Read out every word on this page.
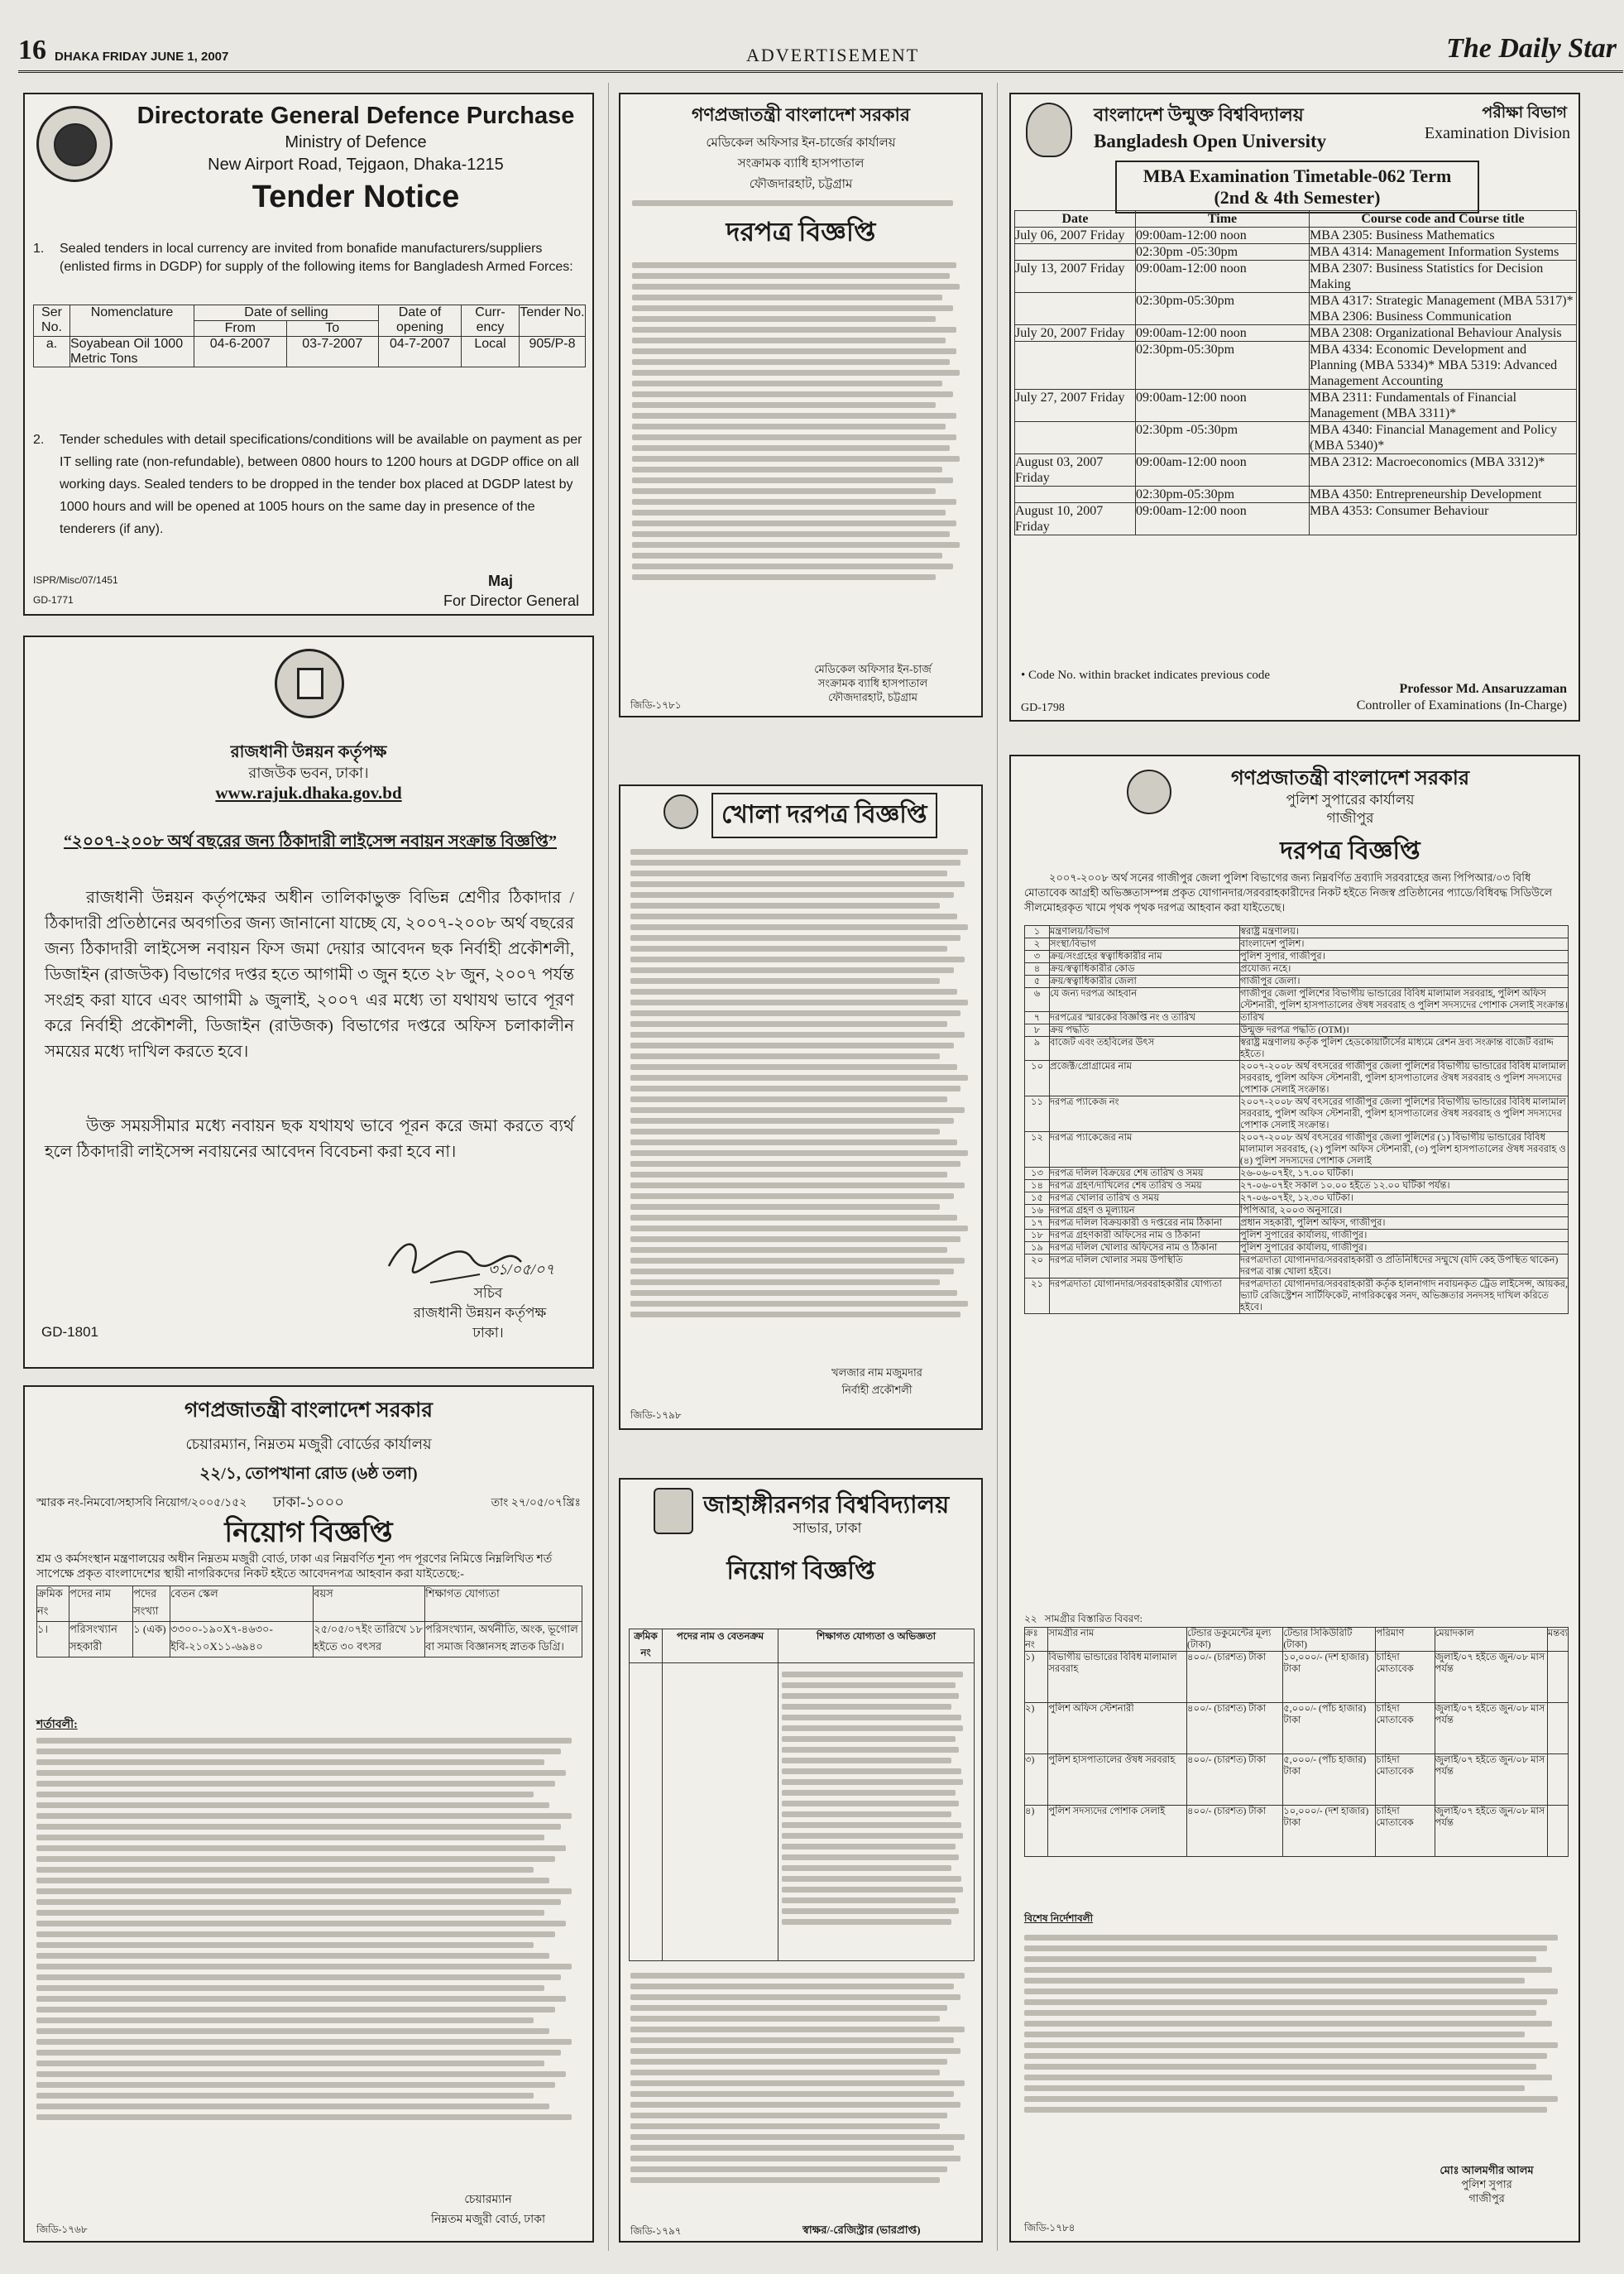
16 DHAKA FRIDAY JUNE 1, 2007	ADVERTISEMENT	The Daily Star
Directorate General Defence Purchase
Ministry of Defence
New Airport Road, Tejgaon, Dhaka-1215
Tender Notice
1.	Sealed tenders in local currency are invited from bonafide manufacturers/suppliers (enlisted firms in DGDP) for supply of the following items for Bangladesh Armed Forces:
Ser No.	Nomenclature	Date of selling		Date of opening	Curr-ency	Tender No.
		From	To			
a.	Soyabean Oil 1000 Metric Tons	04-6-2007	03-7-2007	04-7-2007	Local	905/P-8
2.	Tender schedules with detail specifications/conditions will be available on payment as per IT selling rate (non-refundable), between 0800 hours to 1200 hours at DGDP office on all working days. Sealed tenders to be dropped in the tender box placed at DGDP latest by 1000 hours and will be opened at 1005 hours on the same day in presence of the tenderers (if any).
ISPR/Misc/07/1451
GD-1771
Maj
For Director General
গণপ্রজাতন্ত্রী বাংলাদেশ সরকার
মেডিকেল অফিসার ইন-চার্জের কার্যালয়
সংক্রামক ব্যাধি হাসপাতাল
ফৌজদারহাট, চট্টগ্রাম
দরপত্র বিজ্ঞপ্তি
মেডিকেল অফিসার ইন-চার্জ
সংক্রামক ব্যাধি হাসপাতাল
ফৌজদারহাট, চট্টগ্রাম
জিডি-১৭৮১
বাংলাদেশ উন্মুক্ত বিশ্ববিদ্যালয়
Bangladesh Open University
পরীক্ষা বিভাগ
Examination Division
MBA Examination Timetable-062 Term
(2nd & 4th Semester)
Date	Time	Course code and Course title
July 06, 2007 Friday	09:00am-12:00 noon	MBA 2305: Business Mathematics
	02:30pm -05:30pm	MBA 4314: Management Information Systems
July 13, 2007 Friday	09:00am-12:00 noon	MBA 2307: Business Statistics for Decision Making
	02:30pm-05:30pm	MBA 4317: Strategic Management (MBA 5317)* MBA 2306: Business Communication
July 20, 2007 Friday	09:00am-12:00 noon	MBA 2308: Organizational Behaviour Analysis
	02:30pm-05:30pm	MBA 4334: Economic Development and Planning (MBA 5334)* MBA 5319: Advanced Management Accounting
July 27, 2007 Friday	09:00am-12:00 noon	MBA 2311: Fundamentals of Financial Management (MBA 3311)*
	02:30pm -05:30pm	MBA 4340: Financial Management and Policy (MBA 5340)*
August 03, 2007 Friday	09:00am-12:00 noon	MBA 2312: Macroeconomics (MBA 3312)*
	02:30pm-05:30pm	MBA 4350: Entrepreneurship Development
August 10, 2007 Friday	09:00am-12:00 noon	MBA 4353: Consumer Behaviour
• Code No. within bracket indicates previous code
Professor Md. Ansaruzzaman
Controller of Examinations (In-Charge)
GD-1798
রাজধানী উন্নয়ন কর্তৃপক্ষ
রাজউক ভবন, ঢাকা।
www.rajuk.dhaka.gov.bd
“২০০৭-২০০৮ অর্থ বছরের জন্য ঠিকাদারী লাইসেন্স নবায়ন সংক্রান্ত বিজ্ঞপ্তি”
রাজধানী উন্নয়ন কর্তৃপক্ষের অধীন তালিকাভুক্ত বিভিন্ন শ্রেণীর ঠিকাদার / ঠিকাদারী প্রতিষ্ঠানের অবগতির জন্য জানানো যাচ্ছে যে, ২০০৭-২০০৮ অর্থ বছরের জন্য ঠিকাদারী লাইসেন্স নবায়ন ফিস জমা দেয়ার আবেদন ছক নির্বাহী প্রকৌশলী, ডিজাইন (রাজউক) বিভাগের দপ্তর হতে আগামী ৩ জুন হতে ২৮ জুন, ২০০৭ পর্যন্ত সংগ্রহ করা যাবে এবং আগামী ৯ জুলাই, ২০০৭ এর মধ্যে তা যথাযথ ভাবে পূরণ করে নির্বাহী প্রকৌশলী, ডিজাইন (রাউজক) বিভাগের দপ্তরে অফিস চলাকালীন সময়ের মধ্যে দাখিল করতে হবে।
উক্ত সময়সীমার মধ্যে নবায়ন ছক যথাযথ ভাবে পূরন করে জমা করতে ব্যর্থ হলে ঠিকাদারী লাইসেন্স নবায়নের আবেদন বিবেচনা করা হবে না।
৩১/০৫/০৭
সচিব
রাজধানী উন্নয়ন কর্তৃপক্ষ
ঢাকা।
GD-1801
খোলা দরপত্র বিজ্ঞপ্তি
খলজার নাম মজুমদার
নির্বাহী প্রকৌশলী
জিডি-১৭৯৮
জাহাঙ্গীরনগর বিশ্ববিদ্যালয়
সাভার, ঢাকা
নিয়োগ বিজ্ঞপ্তি
ক্রমিক নং	পদের নাম ও বেতনক্রম	শিক্ষাগত যোগ্যতা ও অভিজ্ঞতা

জিডি-১৭৯৭	স্বাক্ষর/-রেজিস্ট্রার (ভারপ্রাপ্ত)
গণপ্রজাতন্ত্রী বাংলাদেশ সরকার
চেয়ারম্যান, নিম্নতম মজুরী বোর্ডের কার্যালয়
২২/১, তোপখানা রোড (৬ষ্ঠ তলা)
ঢাকা-১০০০
স্মারক নং-নিমবো/সহাসবি নিয়োগ/২০০৫/১৫২	তাং ২৭/০৫/০৭খ্রিঃ
নিয়োগ বিজ্ঞপ্তি
শ্রম ও কর্মসংস্থান মন্ত্রণালয়ের অধীন নিম্নতম মজুরী বোর্ড, ঢাকা এর নিম্নবর্ণিত শূন্য পদ পূরণের নিমিত্তে নিম্নলিখিত শর্ত সাপেক্ষে প্রকৃত বাংলাদেশের স্থায়ী নাগরিকদের নিকট হইতে আবেদনপত্র আহবান করা যাইতেছে:-
ক্রমিক নং	পদের নাম	পদের সংখ্যা	বেতন স্কেল	বয়স	শিক্ষাগত যোগ্যতা
১।	পরিসংখ্যান সহকারী	১ (এক)	৩৩০০-১৯০X৭-৪৬৩০-ইবি-২১০X১১-৬৯৪০	২৫/০৫/০৭ইং তারিখে ১৮ হইতে ৩০ বৎসর	পরিসংখ্যান, অর্থনীতি, অংক, ভূগোল বা সমাজ বিজ্ঞানসহ স্নাতক ডিগ্রি।
শর্তাবলী:
চেয়ারম্যান
নিম্নতম মজুরী বোর্ড, ঢাকা
জিডি-১৭৬৮
গণপ্রজাতন্ত্রী বাংলাদেশ সরকার
পুলিশ সুপারের কার্যালয়
গাজীপুর
দরপত্র বিজ্ঞপ্তি
২০০৭-২০০৮ অর্থ সনের গাজীপুর জেলা পুলিশ বিভাগের জন্য নিম্নবর্ণিত দ্রব্যাদি সরবরাহের জন্য পিপিআর/০৩ বিধি মোতাবেক আগ্রহী অভিজ্ঞতাসম্পন্ন প্রকৃত যোগানদার/সরবরাহকারীদের নিকট হইতে নিজস্ব প্রতিষ্ঠানের প্যাডে/বিধিবদ্ধ সিডিউলে সীলমোহরকৃত খামে পৃথক পৃথক দরপত্র আহবান করা যাইতেছে।
১	মন্ত্রণালয়/বিভাগ	স্বরাষ্ট্র মন্ত্রণালয়।
২	সংস্থা/বিভাগ	বাংলাদেশ পুলিশ।
৩	ক্রয়/সংগ্রহের স্বত্বাধিকারীর নাম	পুলিশ সুপার, গাজীপুর।
৪	ক্রয়/স্বত্বাধিকারীর কোড	প্রযোজ্য নহে।
৫	ক্রয়/স্বত্বাধিকারীর জেলা	গাজীপুর জেলা।
৬	যে জন্য দরপত্র আহবান	গাজীপুর জেলা পুলিশের বিভাগীয় ভান্ডারের বিবিধ মালামাল সরবরাহ, পুলিশ অফিস স্টেশনারী, পুলিশ হাসপাতালের ঔষধ সরবরাহ ও পুলিশ সদস্যদের পোশাক সেলাই সংক্রান্ত।
৭	দরপত্রের স্মারকের বিজ্ঞপ্তি নং ও তারিখ	তারিখ
৮	ক্রয় পদ্ধতি	উন্মুক্ত দরপত্র পদ্ধতি (OTM)।
৯	বাজেট এবং তহবিলের উৎস	স্বরাষ্ট্র মন্ত্রণালয় কর্তৃক পুলিশ হেডকোয়ার্টার্সের মাধ্যমে রেশন দ্রব্য সংক্রান্ত বাজেট বরাদ্দ হইতে।
১০	প্রজেক্ট/প্রোগ্রামের নাম	২০০৭-২০০৮ অর্থ বৎসরের গাজীপুর জেলা পুলিশের বিভাগীয় ভান্ডারের বিবিধ মালামাল সরবরাহ, পুলিশ অফিস স্টেশনারী, পুলিশ হাসপাতালের ঔষধ সরবরাহ ও পুলিশ সদস্যদের পোশাক সেলাই সংক্রান্ত।
১১	দরপত্র প্যাকেজ নং	২০০৭-২০০৮ অর্থ বৎসরের গাজীপুর জেলা পুলিশের বিভাগীয় ভান্ডারের বিবিধ মালামাল সরবরাহ, পুলিশ অফিস স্টেশনারী, পুলিশ হাসপাতালের ঔষধ সরবরাহ ও পুলিশ সদস্যদের পোশাক সেলাই সংক্রান্ত।
১২	দরপত্র প্যাকেজের নাম	২০০৭-২০০৮ অর্থ বৎসরের গাজীপুর জেলা পুলিশের (১) বিভাগীয় ভান্ডারের বিবিধ মালামাল সরবরাহ, (২) পুলিশ অফিস স্টেশনারী, (৩) পুলিশ হাসপাতালের ঔষধ সরবরাহ ও (৪) পুলিশ সদস্যদের পোশাক সেলাই
১৩	দরপত্র দলিল বিক্রয়ের শেষ তারিখ ও সময়	২৬-০৬-০৭ইং, ১৭.০০ ঘটিকা।
১৪	দরপত্র গ্রহণ/দাখিলের শেষ তারিখ ও সময়	২৭-০৬-০৭ইং সকাল ১০.০০ হইতে ১২.০০ ঘটিকা পর্যন্ত।
১৫	দরপত্র খোলার তারিখ ও সময়	২৭-০৬-০৭ইং, ১২.৩০ ঘটিকা।
১৬	দরপত্র গ্রহণ ও মূল্যায়ন	পিপিআর, ২০০৩ অনুসারে।
১৭	দরপত্র দলিল বিক্রয়কারী ও দপ্তরের নাম ঠিকানা	প্রধান সহকারী, পুলিশ অফিস, গাজীপুর।
১৮	দরপত্র গ্রহণকারী অফিসের নাম ও ঠিকানা	পুলিশ সুপারের কার্যালয়, গাজীপুর।
১৯	দরপত্র দলিল খোলার অফিসের নাম ও ঠিকানা	পুলিশ সুপারের কার্যালয়, গাজীপুর।
২০	দরপত্র দলিল খোলার সময় উপস্থিতি	দরপত্রদাতা যোগানদার/সরবরাহকারী ও প্রতিনিধিদের সম্মুখে (যদি কেহ উপস্থিত থাকেন) দরপত্র বাক্স খোলা হইবে।
২১	দরপত্রদাতা যোগানদার/সরবরাহকারীর যোগ্যতা	দরপত্রদাতা যোগানদার/সরবরাহকারী কর্তৃক হালনাগাদ নবায়নকৃত ট্রেড লাইসেন্স, আয়কর, ভ্যাট রেজিস্ট্রেশন সার্টিফিকেট, নাগরিকত্বের সনদ, অভিজ্ঞতার সনদসহ দাখিল করিতে হইবে।
২২   সামগ্রীর বিস্তারিত বিবরণ:
ক্রঃ নং	সামগ্রীর নাম	টেন্ডার ডকুমেন্টের মূল্য (টাকা)	টেন্ডার সিকিউরিটি (টাকা)	পরিমাণ	মেয়াদকাল	মন্তব্য
১)	বিভাগীয় ভান্ডারের বিবিধ মালামাল সরবরাহ	৪০০/- (চারশত) টাকা	১০,০০০/- (দশ হাজার) টাকা	চাহিদা মোতাবেক	জুলাই/০৭ হইতে জুন/০৮ মাস পর্যন্ত	
২)	পুলিশ অফিস স্টেশনারী	৪০০/- (চারশত) টাকা	৫,০০০/- (পাঁচ হাজার) টাকা	চাহিদা মোতাবেক	জুলাই/০৭ হইতে জুন/০৮ মাস পর্যন্ত	
৩)	পুলিশ হাসপাতালের ঔষধ সরবরাহ	৪০০/- (চারশত) টাকা	৫,০০০/- (পাঁচ হাজার) টাকা	চাহিদা মোতাবেক	জুলাই/০৭ হইতে জুন/০৮ মাস পর্যন্ত	
৪)	পুলিশ সদস্যদের পোশাক সেলাই	৪০০/- (চারশত) টাকা	১০,০০০/- (দশ হাজার) টাকা	চাহিদা মোতাবেক	জুলাই/০৭ হইতে জুন/০৮ মাস পর্যন্ত	
বিশেষ নির্দেশাবলী
মোঃ আলমগীর আলম
পুলিশ সুপার
গাজীপুর
জিডি-১৭৮৪
